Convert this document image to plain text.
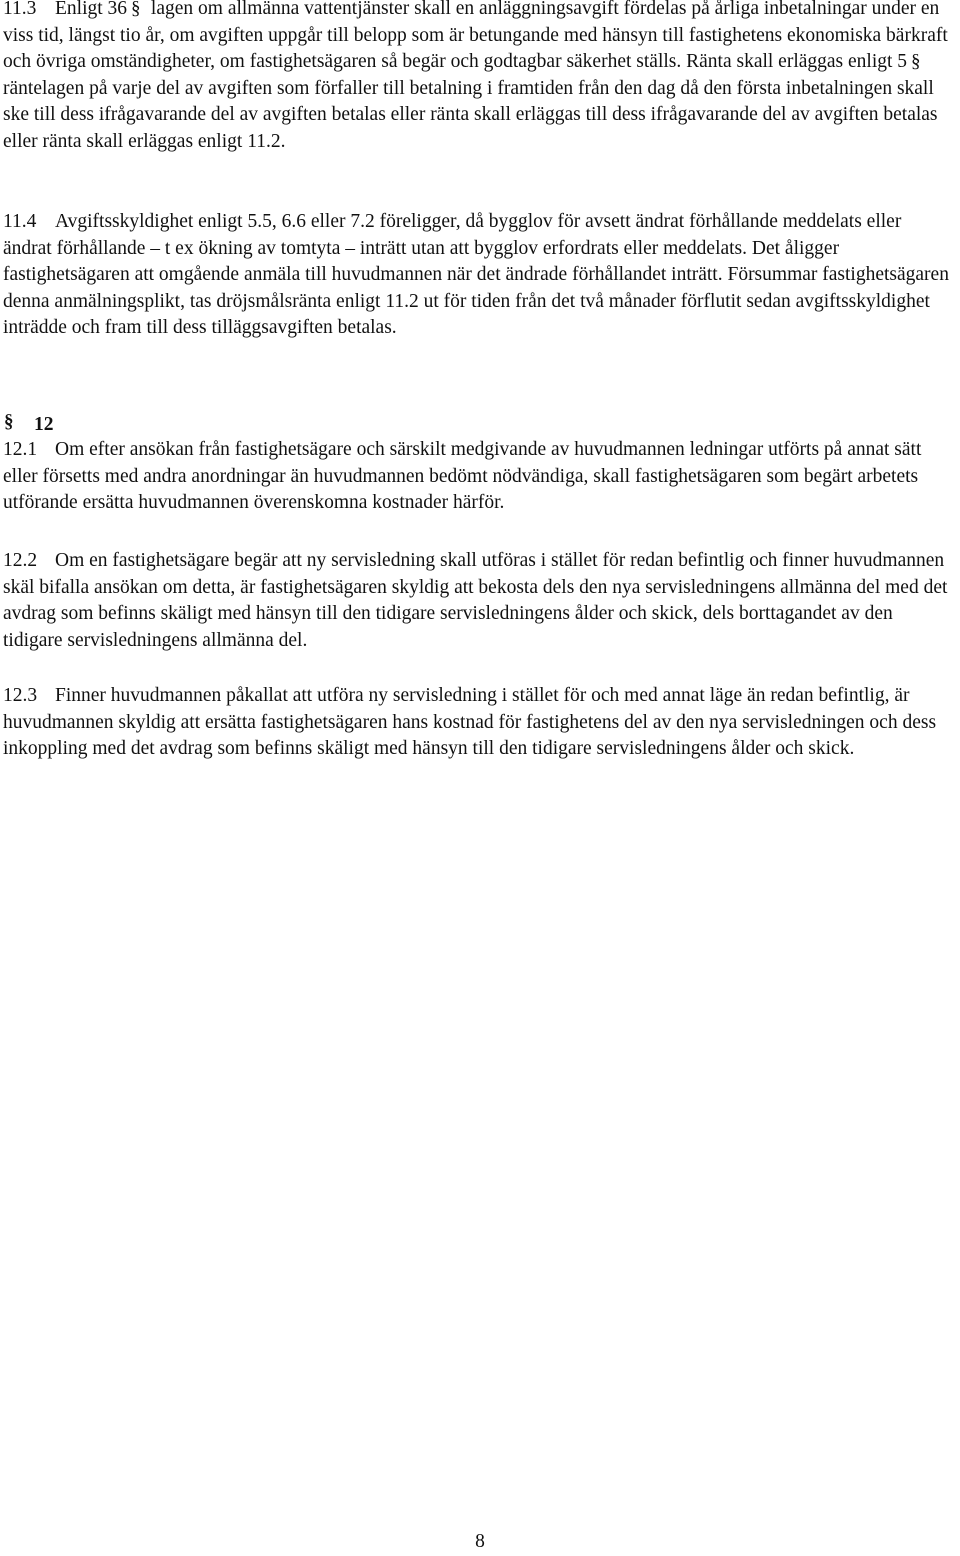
11.3 Enligt 36 § lagen om allmänna vattentjänster skall en anläggningsavgift fördelas på årliga inbetalningar under en viss tid, längst tio år, om avgiften uppgår till belopp som är betungande med hänsyn till fastighetens ekonomiska bärkraft och övriga omständigheter, om fastighetsägaren så begär och godtagbar säkerhet ställs. Ränta skall erläggas enligt 5 §
räntelagen på varje del av avgiften som förfaller till betalning i framtiden från den dag då den första inbetalningen skall ske till dess ifrågavarande del av avgiften betalas eller ränta skall erläggas till dess ifrågavarande del av avgiften betalas eller ränta skall erläggas enligt 11.2.

11.4 Avgiftsskyldighet enligt 5.5, 6.6 eller 7.2 föreligger, då bygglov för avsett ändrat förhållande meddelats eller ändrat förhållande – t ex ökning av tomtyta – inträtt utan att bygglov erfordrats eller meddelats. Det åligger fastighetsägaren att omgående anmäla till huvudmannen när det ändrade förhållandet inträtt. Försummar fastighetsägaren denna anmälningsplikt, tas dröjsmålsränta enligt 11.2 ut för tiden från det två månader förflutit sedan avgiftsskyldighet inträdde och fram till dess tilläggsavgiften betalas.

§ 12

12.1 Om efter ansökan från fastighetsägare och särskilt medgivande av huvudmannen ledningar utförts på annat sätt eller försetts med andra anordningar än huvudmannen bedömt nödvändiga, skall fastighetsägaren som begärt arbetets utförande ersätta huvudmannen överenskomna kostnader härför.

12.2 Om en fastighetsägare begär att ny servisledning skall utföras i stället för redan befintlig och finner huvudmannen skäl bifalla ansökan om detta, är fastighetsägaren skyldig att bekosta dels den nya servisledningens allmänna del med det avdrag som befinns skäligt med hänsyn till den tidigare servisledningens ålder och skick, dels borttagandet av den tidigare servisledningens allmänna del.

12.3 Finner huvudmannen påkallat att utföra ny servisledning i stället för och med annat läge än redan befintlig, är huvudmannen skyldig att ersätta fastighetsägaren hans kostnad för fastighetens del av den nya servisledningen och dess inkoppling med det avdrag som befinns skäligt med hänsyn till den tidigare servisledningens ålder och skick.

8
